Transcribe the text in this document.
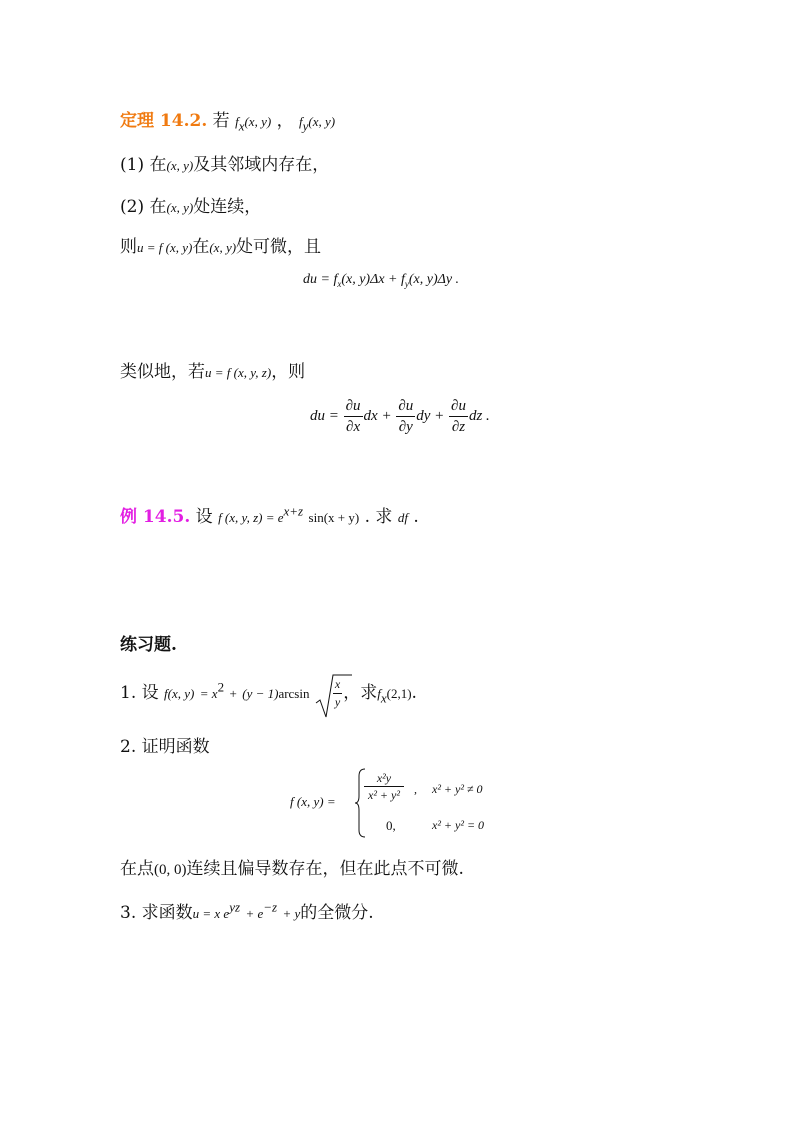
定理 14.2. 若 $f_x(x$, y) ， $f_y(x$, y)
(1) 在(x, y)及其邻域内存在，
(2) 在(x, y)处连续，
则u = f (x, y)在(x, y)处可微，且
du = $f_x(x$, $y)\Delta x + f_y(x$, y)Δy .
类似地，若u = f (x, y, z)，则
du = $\frac{\partial u}{\partial x}$ dx + $\frac{\partial u}{\partial y}$ dy + $\frac{\partial u}{\partial z}$ dz .
例 14.5. 设 f (x, y, $z) = e^{x+z}$ sin(x + y) . 求 df .
练习题.
1. 设 f(x, $y) = x^2 + (y - 1)\arcsin \frac{x}{y}$ ，求$f_x(2,1)$.
2. 证明函数
f (x, $y) = \frac{\text{x²y}}{\text{x² + y²}}$ , x² + y² ≠ 0
0,	x² + y² = 0
在点(0, 0)连续且偏导数存在，但在此点不可微.
3. 求函数u = x $e^{yz} + e^{-z} + y$的全微分.
